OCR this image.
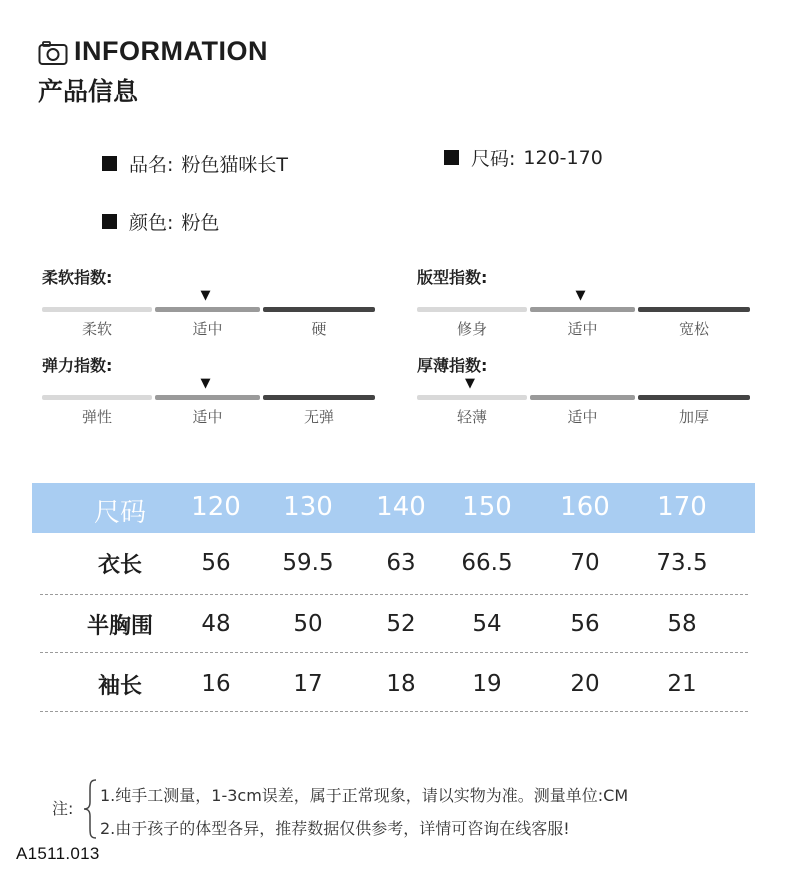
INFORMATION
产品信息
品名: 粉色猫咪长T	尺码: 120-170
颜色: 粉色
柔软指数:
柔软	适中	硬
▼
版型指数:
修身	适中	宽松
▼
弹力指数:
弹性	适中	无弹
▼
厚薄指数:
轻薄	适中	加厚
▼
尺码 120 130 140 150 160 170
衣长	56 59.5 63 66.5	70 73.5
半胸围 48	50	52 54	56	58
袖长	16	17	18 19	20	21
注:
1.纯手工测量，1-3cm误差，属于正常现象，请以实物为准。测量单位:CM
2.由于孩子的体型各异，推荐数据仅供参考，详情可咨询在线客服!
A1511.013
